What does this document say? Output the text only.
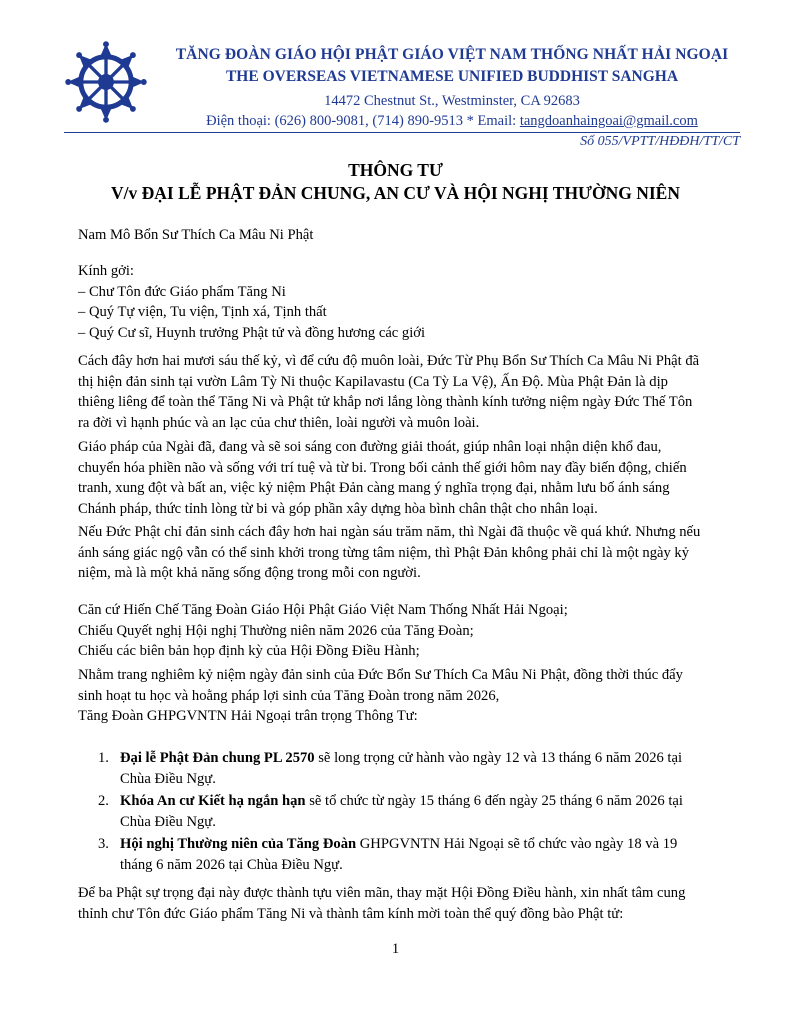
TĂNG ĐOÀN GIÁO HỘI PHẬT GIÁO VIỆT NAM THỐNG NHẤT HẢI NGOẠI
THE OVERSEAS VIETNAMESE UNIFIED BUDDHIST SANGHA
14472 Chestnut St., Westminster, CA 92683
Điện thoại: (626) 800-9081, (714) 890-9513 * Email: tangdoanhaingoai@gmail.com
Số 055/VPTT/HĐĐH/TT/CT
THÔNG TƯ
V/v ĐẠI LỄ PHẬT ĐẢN CHUNG, AN CƯ VÀ HỘI NGHỊ THƯỜNG NIÊN
Nam Mô Bổn Sư Thích Ca Mâu Ni Phật
Kính gởi:
– Chư Tôn đức Giáo phẩm Tăng Ni
– Quý Tự viện, Tu viện, Tịnh xá, Tịnh thất
– Quý Cư sĩ, Huynh trưởng Phật tử và đồng hương các giới
Cách đây hơn hai mươi sáu thế kỷ, vì để cứu độ muôn loài, Đức Từ Phụ Bổn Sư Thích Ca Mâu Ni Phật đã
thị hiện đản sinh tại vườn Lâm Tỳ Ni thuộc Kapilavastu (Ca Tỳ La Vệ), Ấn Độ. Mùa Phật Đản là dịp
thiêng liêng để toàn thể Tăng Ni và Phật tử khắp nơi lắng lòng thành kính tưởng niệm ngày Đức Thế Tôn
ra đời vì hạnh phúc và an lạc của chư thiên, loài người và muôn loài.
Giáo pháp của Ngài đã, đang và sẽ soi sáng con đường giải thoát, giúp nhân loại nhận diện khổ đau,
chuyển hóa phiền não và sống với trí tuệ và từ bi. Trong bối cảnh thế giới hôm nay đầy biến động, chiến
tranh, xung đột và bất an, việc kỷ niệm Phật Đản càng mang ý nghĩa trọng đại, nhằm lưu bố ánh sáng
Chánh pháp, thức tỉnh lòng từ bi và góp phần xây dựng hòa bình chân thật cho nhân loại.
Nếu Đức Phật chỉ đản sinh cách đây hơn hai ngàn sáu trăm năm, thì Ngài đã thuộc về quá khứ. Nhưng nếu
ánh sáng giác ngộ vẫn có thể sinh khởi trong từng tâm niệm, thì Phật Đản không phải chỉ là một ngày kỷ
niệm, mà là một khả năng sống động trong mỗi con người.
Căn cứ Hiến Chế Tăng Đoàn Giáo Hội Phật Giáo Việt Nam Thống Nhất Hải Ngoại;
Chiếu Quyết nghị Hội nghị Thường niên năm 2026 của Tăng Đoàn;
Chiếu các biên bản họp định kỳ của Hội Đồng Điều Hành;
Nhằm trang nghiêm kỷ niệm ngày đản sinh của Đức Bổn Sư Thích Ca Mâu Ni Phật, đồng thời thúc đẩy
sinh hoạt tu học và hoằng pháp lợi sinh của Tăng Đoàn trong năm 2026,
Tăng Đoàn GHPGVNTN Hải Ngoại trân trọng Thông Tư:
1. Đại lễ Phật Đản chung PL 2570 sẽ long trọng cử hành vào ngày 12 và 13 tháng 6 năm 2026 tại
Chùa Điều Ngự.
2. Khóa An cư Kiết hạ ngắn hạn sẽ tổ chức từ ngày 15 tháng 6 đến ngày 25 tháng 6 năm 2026 tại
Chùa Điều Ngự.
3. Hội nghị Thường niên của Tăng Đoàn GHPGVNTN Hải Ngoại sẽ tổ chức vào ngày 18 và 19
tháng 6 năm 2026 tại Chùa Điều Ngự.
Để ba Phật sự trọng đại này được thành tựu viên mãn, thay mặt Hội Đồng Điều hành, xin nhất tâm cung
thỉnh chư Tôn đức Giáo phẩm Tăng Ni và thành tâm kính mời toàn thể quý đồng bào Phật tử:
1
